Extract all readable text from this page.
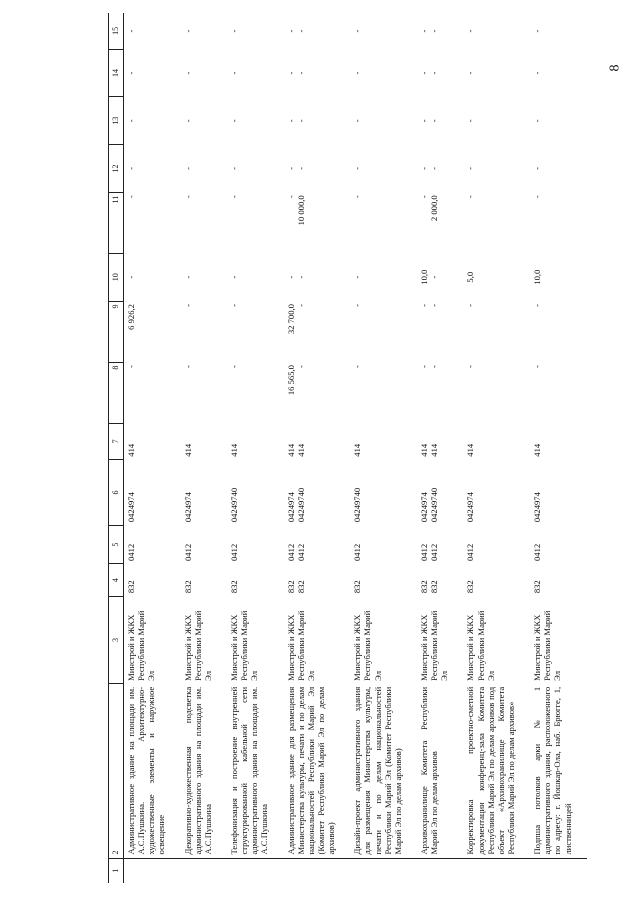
8
1	2	3	4	5	6	7	8	9	10	11	12	13	14	15
	Административное здание на площади им. А.С.Пушкина. Архитектурно-художественные элементы и наружное освещение	Минстрой и ЖКХ Республики Марий Эл	832	0412	0424974	414	-	6 926,2	-	-	-	-	-	-

	Декоративно-художественная подсветка административного здания на площади им. А.С.Пушкина	Минстрой и ЖКХ Республики Марий Эл	832	0412	0424974	414	-	-	-	-	-	-	-	-

	Телефонизация и построение внутренней структурированной кабельной сети административного здания на площади им. А.С.Пушкина	Минстрой и ЖКХ Республики Марий Эл	832	0412	04249740	414	-	-	-	-	-	-	-	-

	Административное здание для размещения Министерства культуры, печати и по делам национальностей Республики Марий Эл (Комитет Республики Марий Эл по делам архивов)	Минстрой и ЖКХ Республики Марий Эл	832 832	0412 0412	0424974 04249740	414 414	16 565,0 -	32 700,0 -	- -	- 10 000,0	- -	- -	- -	- -

	Дизайн-проект административного здания для размещения Министерства культуры, печати и по делам национальностей Республики Марий Эл (Комитет Республики Марий Эл по делам архивов)	Минстрой и ЖКХ Республики Марий Эл	832	0412	04249740	414	-	-	-	-	-	-	-	-

	Архивохранилище Комитета Республики Марий Эл по делам архивов	Минстрой и ЖКХ Республики Марий Эл	832 832	0412 0412	0424974 04249740	414 414	- -	- -	10,0 -	- 2 000,0	- -	- -	- -	- -

	Корректировка проектно-сметной документации конференц-зала Комитета Республики Марий Эл по делам архивов под объект «Архивохранилище Комитета Республики Марий Эл по делам архивов»	Минстрой и ЖКХ Республики Марий Эл	832	0412	0424974	414	-	-	5,0	-	-	-	-	-

	Подпша потолков арки № 1 административного здания, расположенного по адресу: г. Йошкар-Ола, наб. Брюгге, 1, лиственницей	Минстрой и ЖКХ Республики Марий Эл	832	0412	0424974	414	-	-	10,0	-	-	-	-	-
